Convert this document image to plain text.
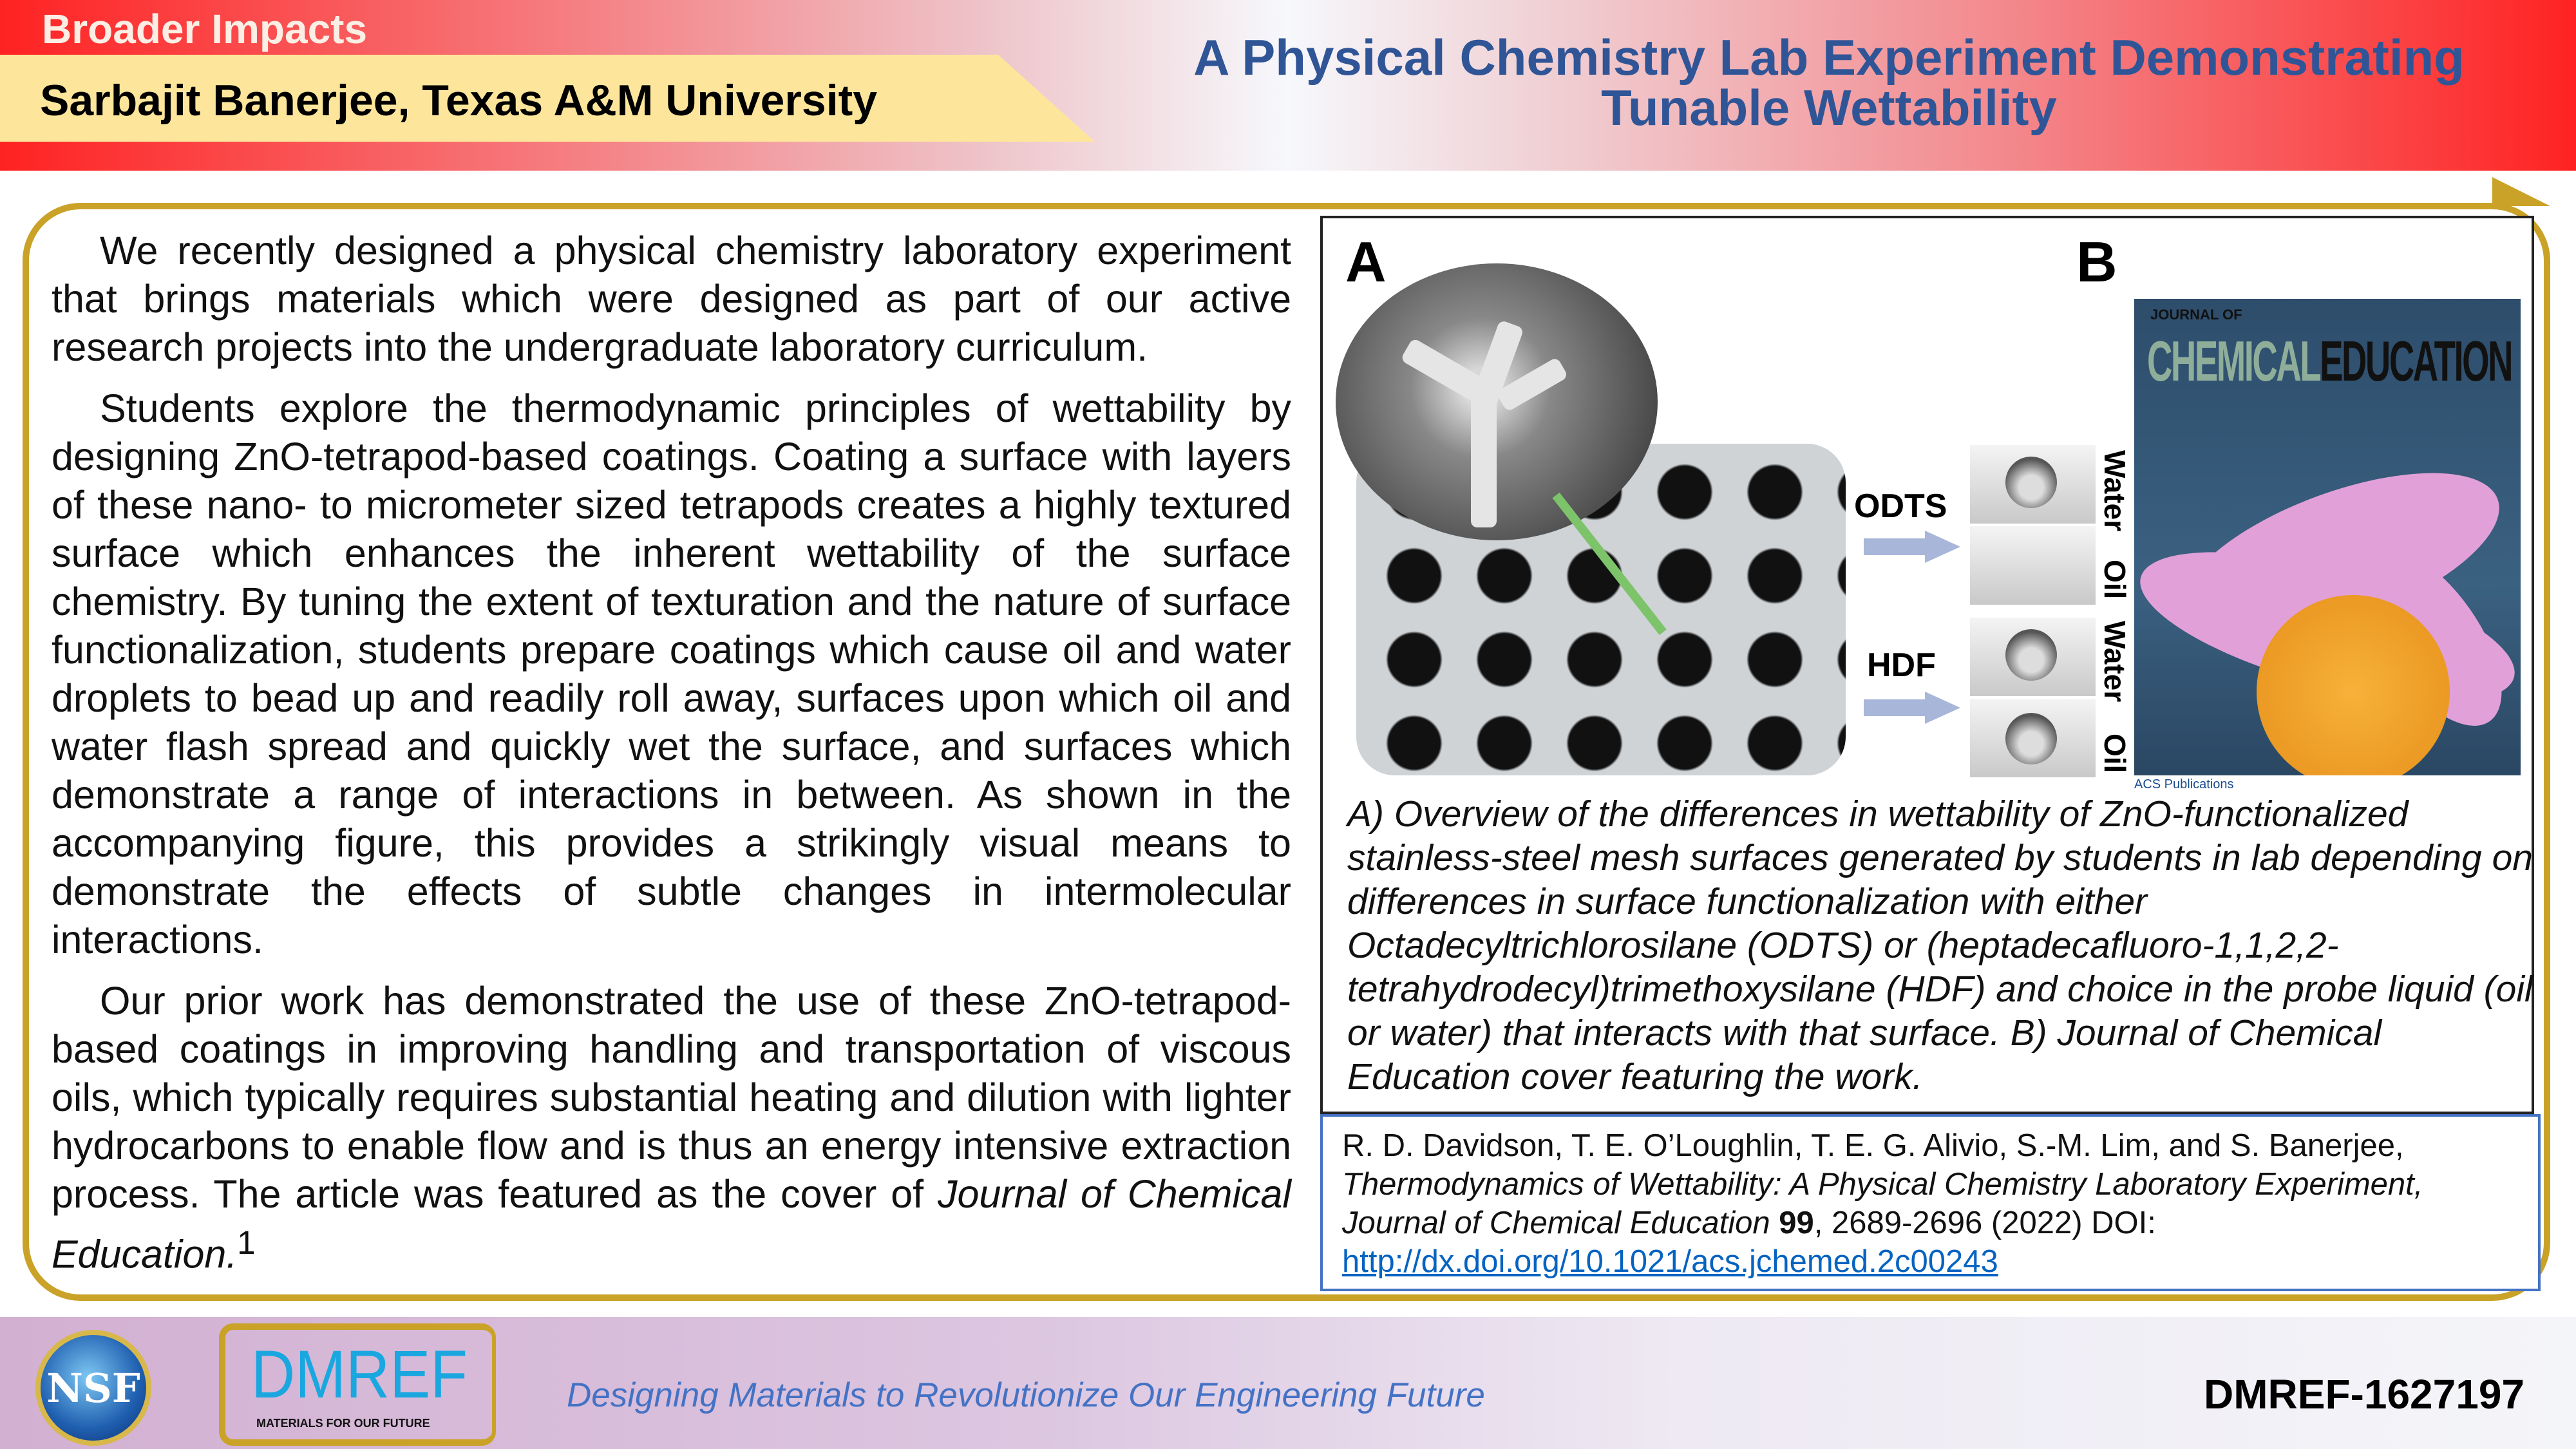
Broader Impacts
Sarbajit Banerjee, Texas A&M University
A Physical Chemistry Lab Experiment Demonstrating Tunable Wettability

We recently designed a physical chemistry laboratory experiment that brings materials which were designed as part of our active research projects into the undergraduate laboratory curriculum.

Students explore the thermodynamic principles of wettability by designing ZnO-tetrapod-based coatings. Coating a surface with layers of these nano- to micrometer sized tetrapods creates a highly textured surface which enhances the inherent wettability of the surface chemistry. By tuning the extent of texturation and the nature of surface functionalization, students prepare coatings which cause oil and water droplets to bead up and readily roll away, surfaces upon which oil and water flash spread and quickly wet the surface, and surfaces which demonstrate a range of interactions in between. As shown in the accompanying figure, this provides a strikingly visual means to demonstrate the effects of subtle changes in intermolecular interactions.

Our prior work has demonstrated the use of these ZnO-tetrapod-based coatings in improving handling and transportation of viscous oils, which typically requires substantial heating and dilution with lighter hydrocarbons to enable flow and is thus an energy intensive extraction process. The article was featured as the cover of Journal of Chemical Education.$^1$

A	B
ODTS
HDF
Water
Oil
Water
Oil
JOURNAL OF
CHEMICALEDUCATION
ACS Publications
A) Overview of the differences in wettability of ZnO-functionalized stainless-steel mesh surfaces generated by students in lab depending on differences in surface functionalization with either Octadecyltrichlorosilane (ODTS) or (heptadecafluoro-1,1,2,2-tetrahydrodecyl)trimethoxysilane (HDF) and choice in the probe liquid (oil or water) that interacts with that surface. B) Journal of Chemical Education cover featuring the work.
R. D. Davidson, T. E. O’Loughlin, T. E. G. Alivio, S.-M. Lim, and S. Banerjee,
Thermodynamics of Wettability: A Physical Chemistry Laboratory Experiment,
Journal of Chemical Education 99, 2689-2696 (2022) DOI:
http://dx.doi.org/10.1021/acs.jchemed.2c00243
NSF DMREF
MATERIALS FOR OUR FUTURE
Designing Materials to Revolutionize Our Engineering Future	DMREF-1627197
